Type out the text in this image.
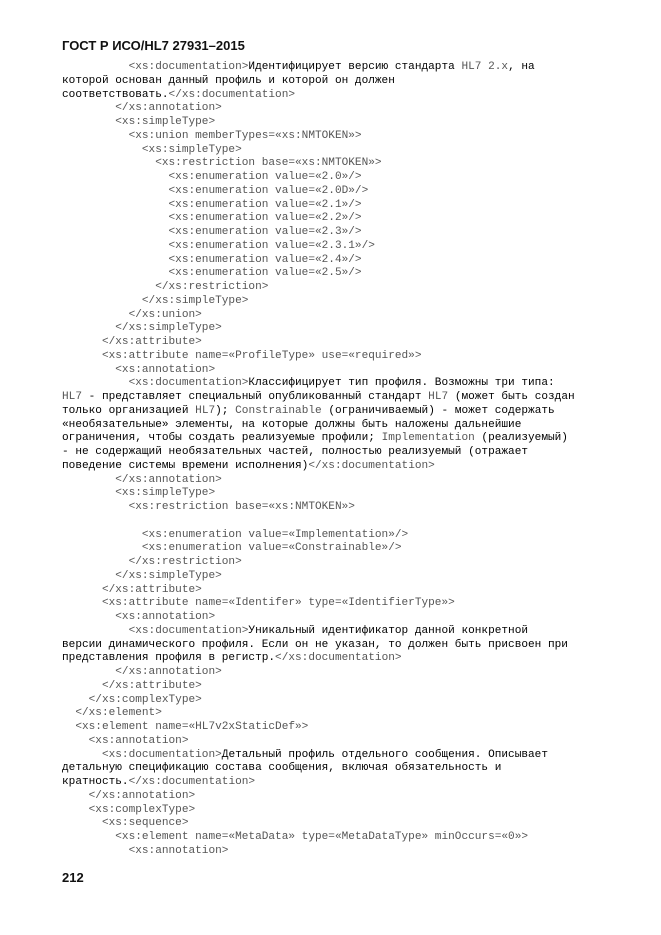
ГОСТ Р ИСО/HL7 27931–2015
<xs:documentation>Идентифицирует версию стандарта HL7 2.x, на
которой основан данный профиль и которой он должен
соответствовать.</xs:documentation>
</xs:annotation>
<xs:simpleType>
<xs:union memberTypes=«xs:NMTOKEN»>
<xs:simpleType>
<xs:restriction base=«xs:NMTOKEN»>
<xs:enumeration value=«2.0»/>
<xs:enumeration value=«2.0D»/>
<xs:enumeration value=«2.1»/>
<xs:enumeration value=«2.2»/>
<xs:enumeration value=«2.3»/>
<xs:enumeration value=«2.3.1»/>
<xs:enumeration value=«2.4»/>
<xs:enumeration value=«2.5»/>
</xs:restriction>
</xs:simpleType>
</xs:union>
</xs:simpleType>
</xs:attribute>
<xs:attribute name=«ProfileType» use=«required»>
<xs:annotation>
<xs:documentation>Классифицирует тип профиля. Возможны три типа:
HL7 - представляет специальный опубликованный стандарт HL7 (может быть создан
только организацией HL7); Constrainable (ограничиваемый) - может содержать
«необязательные» элементы, на которые должны быть наложены дальнейшие
ограничения, чтобы создать реализуемые профили; Implementation (реализуемый)
- не содержащий необязательных частей, полностью реализуемый (отражает
поведение системы времени исполнения)</xs:documentation>
</xs:annotation>
<xs:simpleType>
<xs:restriction base=«xs:NMTOKEN»>
<xs:enumeration value=«Implementation»/>
<xs:enumeration value=«Constrainable»/>
</xs:restriction>
</xs:simpleType>
</xs:attribute>
<xs:attribute name=«Identifer» type=«IdentifierType»>
<xs:annotation>
<xs:documentation>Уникальный идентификатор данной конкретной
версии динамического профиля. Если он не указан, то должен быть присвоен при
представления профиля в регистр.</xs:documentation>
</xs:annotation>
</xs:attribute>
</xs:complexType>
</xs:element>
<xs:element name=«HL7v2xStaticDef»>
<xs:annotation>
<xs:documentation>Детальный профиль отдельного сообщения. Описывает
детальную спецификацию состава сообщения, включая обязательность и
кратность.</xs:documentation>
</xs:annotation>
<xs:complexType>
<xs:sequence>
<xs:element name=«MetaData» type=«MetaDataType» minOccurs=«0»>
<xs:annotation>
212
